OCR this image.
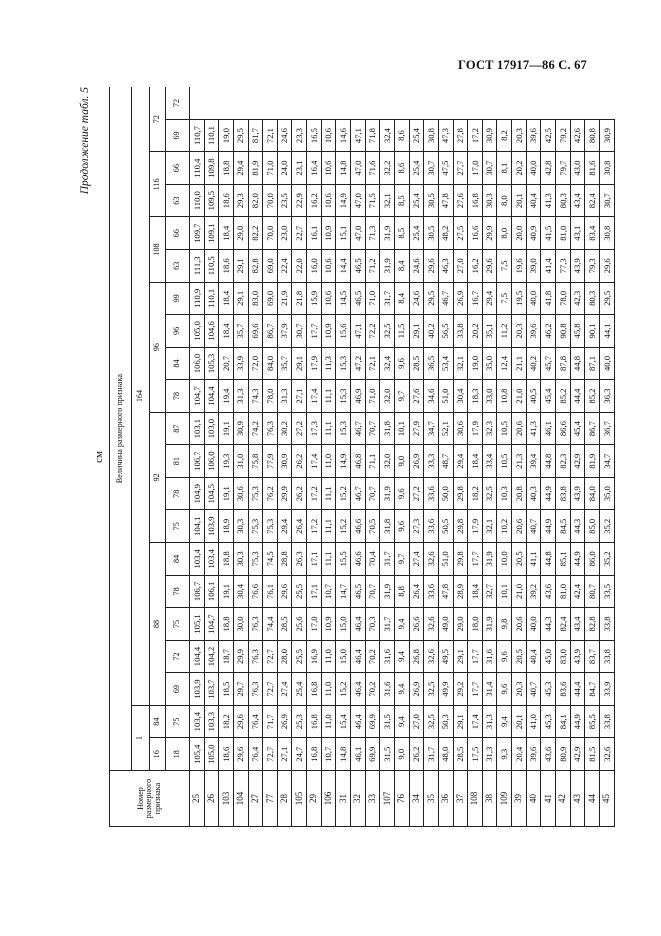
ГОСТ 17917—86 С. 67
Продолжение табл. 5
см
Номер размерного признака	Величина размерного признака																					
	I		164	
	16	84	88					92				96				108		116		72		
	18	75	69	72	75	78	84	75	78	81	87	78	84	96	99	63	66	63	66	69	72	
25	105,4	103,4	103,9	104,4	105,1	106,7	103,4	104,1	104,9	106,7	103,1	104,7	106,0	105,0	110,9	111,3	109,7	110,0	110,4	110,7		
26	105,0	103,3	103,7	104,2	104,7	106,1	103,4	103,9	104,5	106,0	103,0	104,4	105,3	104,6	110,1	110,5	109,1	109,5	109,8	110,1		
103	18,6	18,2	18,5	18,7	18,8	19,1	18,8	18,9	19,1	19,3	19,1	19,4	20,7	18,4	18,4	18,6	18,4	18,6	18,8	19,0		
104	29,6	29,6	29,7	29,9	30,0	30,4	30,3	30,3	30,6	31,0	30,9	31,3	33,9	35,7	29,1	29,1	29,0	29,3	29,4	29,5		
27	76,4	76,4	76,3	76,3	76,3	76,6	75,3	75,3	75,3	75,8	74,2	74,3	72,0	69,6	83,0	82,8	82,2	82,0	81,9	81,7		
77	72,7	71,7	72,7	72,7	74,4	76,1	74,5	75,3	76,2	77,9	76,3	78,0	84,0	86,7	69,0	69,0	70,0	70,0	71,0	72,1		
28	27,1	26,9	27,4	28,0	28,5	29,6	28,8	29,4	29,9	30,9	30,2	31,3	35,7	37,9	21,9	22,4	23,0	23,5	24,0	24,6		
105	24,7	25,3	25,4	25,5	25,6	25,5	26,3	26,4	26,2	26,2	27,2	27,1	29,1	30,7	21,8	22,0	22,7	22,9	23,1	23,3		
29	16,8	16,8	16,8	16,9	17,0	17,1	17,1	17,2	17,2	17,4	17,3	17,4	17,9	17,7	15,9	16,0	16,1	16,2	16,4	16,5		
106	10,7	11,0	11,0	11,0	10,9	10,7	11,1	11,1	11,1	11,0	11,1	11,1	11,3	10,9	10,6	10,6	10,9	10,6	10,6	10,6		
31	14,8	15,4	15,2	15,0	15,0	14,7	15,5	15,2	15,2	14,9	15,3	15,3	15,3	15,6	14,5	14,4	15,1	14,9	14,8	14,6		
32	46,1	46,4	46,4	46,4	46,4	46,5	46,6	46,6	46,7	46,8	46,7	46,9	47,2	47,1	46,5	46,5	47,0	47,0	47,0	47,1		
33	69,9	69,9	70,2	70,2	70,3	70,7	70,4	70,5	70,7	71,1	70,7	71,0	72,1	72,2	71,0	71,2	71,3	71,5	71,6	71,8		
107	31,5	31,5	31,6	31,6	31,7	31,9	31,7	31,8	31,9	32,0	31,8	32,0	32,4	32,5	31,7	31,9	31,9	32,1	32,2	32,4		
76	9,0	9,4	9,4	9,4	9,4	8,8	9,7	9,6	9,6	9,0	10,1	9,7	9,6	11,5	8,4	8,4	8,5	8,5	8,6	8,6		
34	26,2	27,0	26,9	26,8	26,6	26,4	27,4	27,3	27,2	26,9	27,9	27,6	28,5	29,1	24,6	24,6	25,4	25,4	25,4	25,4		
35	31,7	32,5	32,5	32,6	32,6	33,6	32,6	33,6	33,6	33,3	34,7	34,6	36,5	40,2	29,5	29,6	30,5	30,5	30,7	30,8		
36	48,0	50,3	49,9	49,5	49,0	47,8	51,0	50,5	50,0	48,7	52,1	51,0	53,4	56,5	46,7	46,3	48,2	47,8	47,5	47,3		
37	28,5	29,1	29,2	29,1	29,0	28,9	29,8	29,8	29,8	29,4	30,6	30,4	32,1	33,8	26,9	27,0	27,5	27,6	27,7	27,8		
108	17,5	17,4	17,7	17,7	18,0	18,4	17,7	17,9	18,2	18,4	17,9	18,3	19,0	20,2	16,7	16,2	16,6	16,8	17,0	17,2		
38	31,3	31,3	31,4	31,6	31,9	32,7	31,9	32,1	32,5	33,4	32,3	33,0	35,0	35,1	29,4	29,6	29,9	30,3	30,7	30,9		
109	9,3	9,4	9,6	9,6	9,8	10,1	10,0	10,2	10,3	10,5	10,5	10,8	12,4	11,2	7,5	7,5	8,0	8,0	8,1	8,2		
39	20,4	20,1	20,3	20,5	20,6	21,0	20,5	20,6	20,8	21,3	20,6	21,0	21,1	20,3	19,5	19,6	20,0	20,1	20,2	20,3		
40	39,6	41,0	40,7	40,4	40,0	39,2	41,1	40,7	40,3	39,4	41,3	40,5	40,2	39,6	40,0	39,0	40,9	40,4	40,0	39,6		
41	43,6	45,3	45,3	45,0	44,3	43,6	44,8	44,9	44,9	44,8	46,1	45,4	45,7	46,2	41,8	41,4	41,5	41,3	42,8	42,5		
42	80,9	84,1	83,6	83,0	82,4	81,0	85,1	84,5	83,8	82,3	86,6	85,2	87,8	90,8	78,0	77,3	81,0	80,3	79,7	79,2		
43	42,9	44,9	44,4	43,9	43,4	42,4	44,9	44,3	43,9	42,9	45,4	44,4	44,8	45,8	42,3	43,9	43,1	43,4	43,0	42,6		
44	81,5	85,5	84,7	83,7	82,8	80,7	86,0	85,0	84,0	81,9	86,7	85,2	87,1	90,1	80,3	79,3	83,4	82,4	81,6	80,8		
45	32,6	33,8	33,9	33,8	33,8	33,5	35,2	35,2	35,0	34,7	36,7	36,3	40,0	44,1	29,5	29,6	30,8	30,7	30,8	30,9		
